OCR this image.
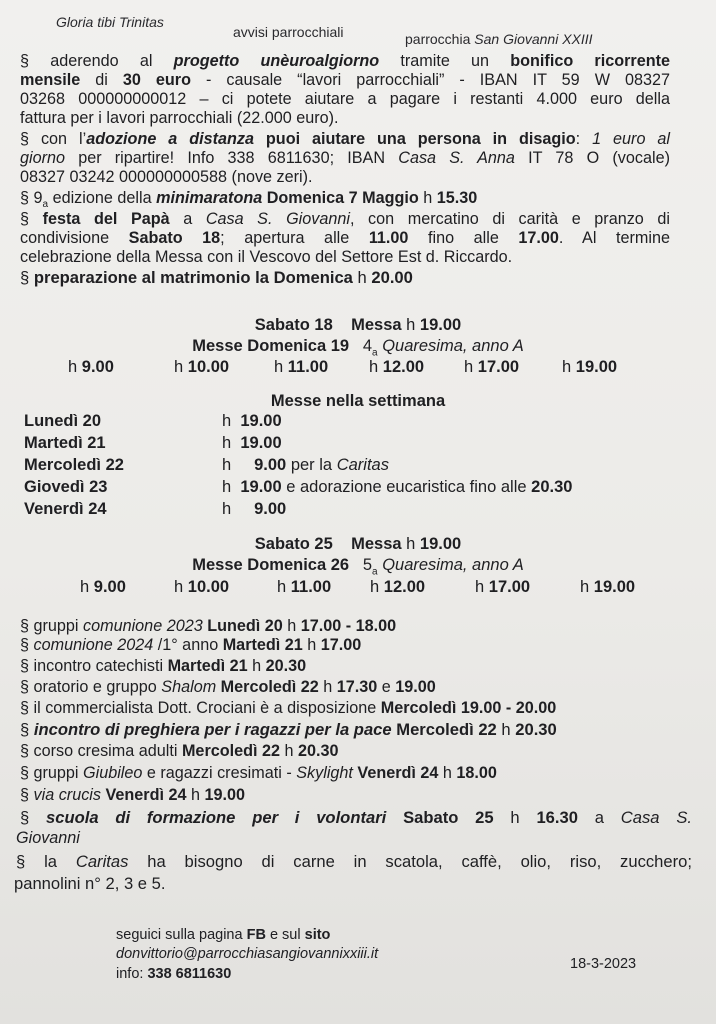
Gloria tibi Trinitas
avvisi parrocchiali	parrocchia San Giovanni XXIII
§ aderendo al progetto unèuroalgiorno tramite un bonifico ricorrente
mensile di 30 euro - causale “lavori parrocchiali” - IBAN IT 59 W 08327
03268 000000000012 – ci potete aiutare a pagare i restanti 4.000 euro della
fattura per i lavori parrocchiali (22.000 euro).
§ con l’adozione a distanza puoi aiutare una persona in disagio: 1 euro al
giorno per ripartire! Info 338 6811630; IBAN Casa S. Anna IT 78 O (vocale)
08327 03242 000000000588 (nove zeri).
§ $9_a$ edizione della minimaratona Domenica 7 Maggio h 15.30
§ festa del Papà a Casa S. Giovanni, con mercatino di carità e pranzo di
condivisione Sabato 18; apertura alle 11.00 fino alle 17.00. Al termine
celebrazione della Messa con il Vescovo del Settore Est d. Riccardo.
§ preparazione al matrimonio la Domenica h 20.00
Sabato 18 Messa h 19.00
Messe Domenica 19 $4_a$ Quaresima, anno A
h 9.00	h 10.00	h 11.00 h 12.00 h 17.00	h 19.00
Messe nella settimana
Lunedì 20	h  19.00
Martedì 21	h  19.00
Mercoledì 22	h     9.00 per la Caritas
Giovedì 23	h  19.00 e adorazione eucaristica fino alle 20.30
Venerdì 24	h     9.00
Sabato 25 Messa h 19.00
Messe Domenica 26 $5_a$ Quaresima, anno A
h 9.00	h 10.00	h 11.00 h 12.00	h 17.00	h 19.00
§ gruppi comunione 2023 Lunedì 20 h 17.00 - 18.00
§ comunione 2024 /1° anno Martedì 21 h 17.00
§ incontro catechisti Martedì 21 h 20.30
§ oratorio e gruppo Shalom Mercoledì 22 h 17.30 e 19.00
§ il commercialista Dott. Crociani è a disposizione Mercoledì 19.00 - 20.00
§ incontro di preghiera per i ragazzi per la pace Mercoledì 22 h 20.30
§ corso cresima adulti Mercoledì 22 h 20.30
§ gruppi Giubileo e ragazzi cresimati - Skylight Venerdì 24 h 18.00
§ via crucis Venerdì 24 h 19.00
§ scuola di formazione per i volontari Sabato 25 h 16.30 a Casa S.
Giovanni
§ la Caritas ha bisogno di carne in scatola, caffè, olio, riso, zucchero;
pannolini n° 2, 3 e 5.
seguici sulla pagina FB e sul sito
donvittorio@parrocchiasangiovannixxiii.it
info: 338 6811630
18-3-2023
